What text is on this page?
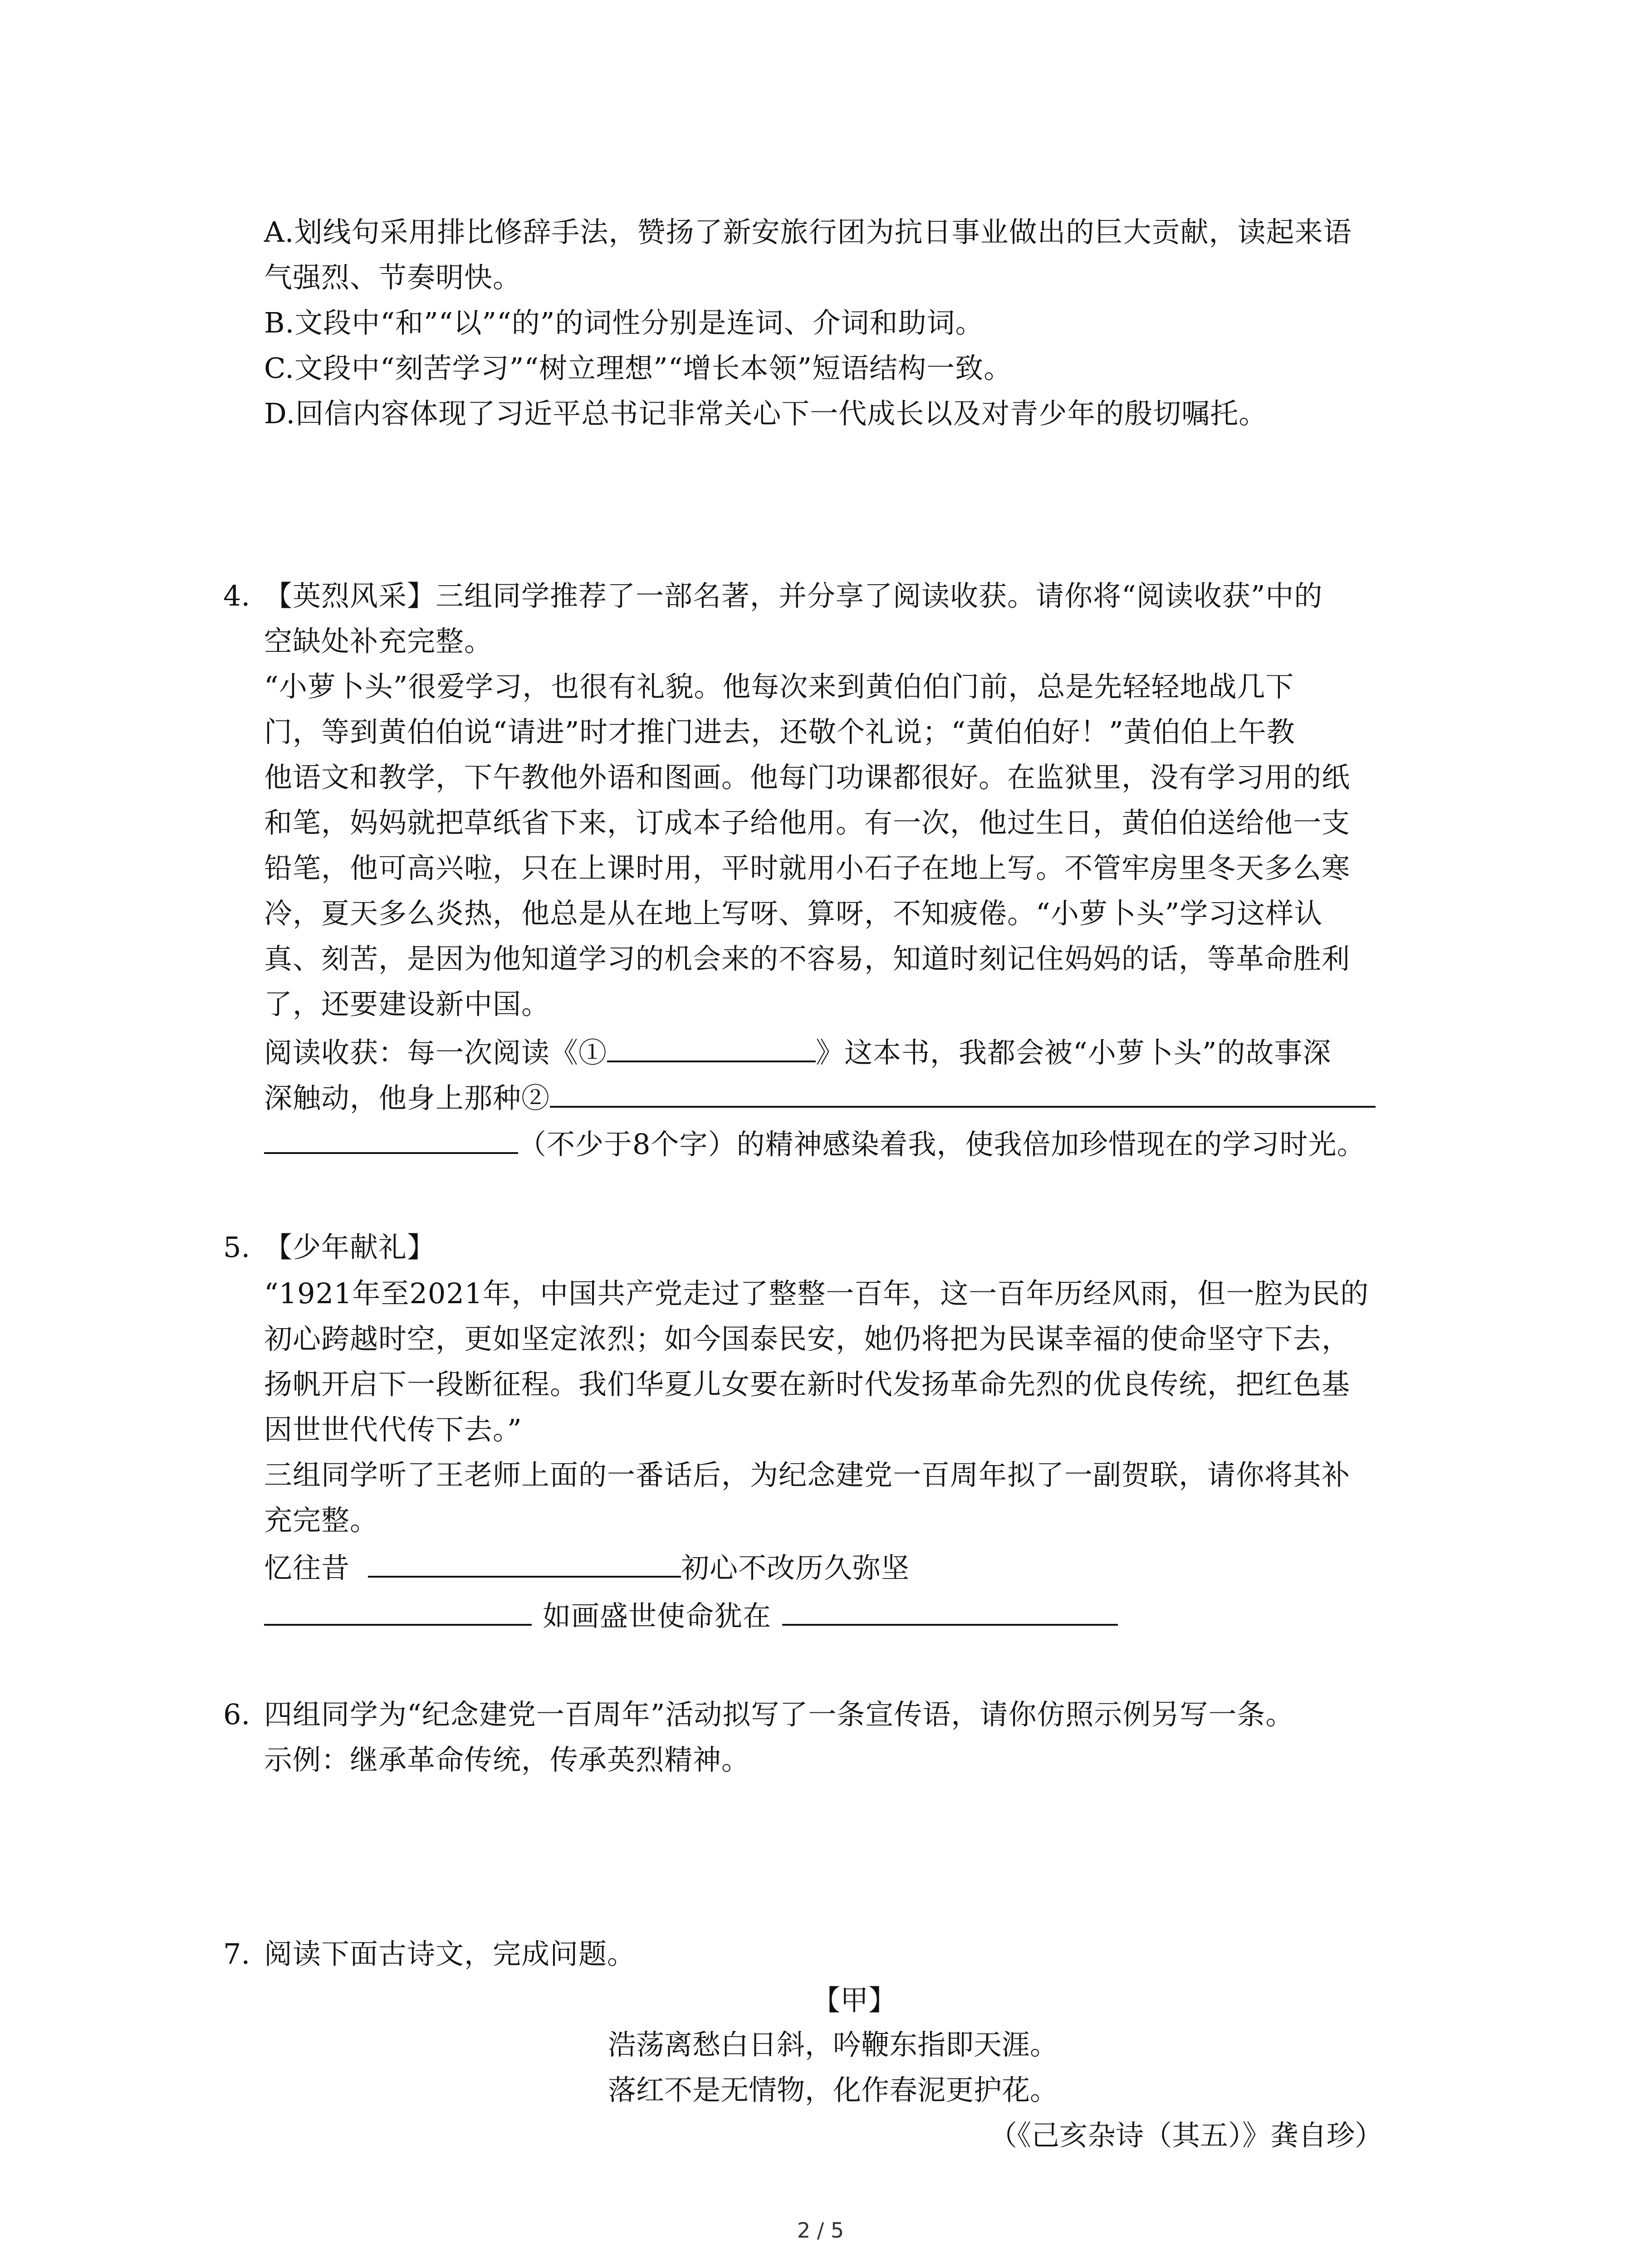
A.划线句采用排比修辞手法，赞扬了新安旅行团为抗日事业做出的巨大贡献，读起来语
气强烈、节奏明快。
B.文段中“和”“以”“的”的词性分别是连词、介词和助词。
C.文段中“刻苦学习”“树立理想”“增长本领”短语结构一致。
D.回信内容体现了习近平总书记非常关心下一代成长以及对青少年的殷切嘱托。
4. 【英烈风采】三组同学推荐了一部名著，并分享了阅读收获。请你将“阅读收获”中的
空缺处补充完整。
“小萝卜头”很爱学习，也很有礼貌。他每次来到黄伯伯门前，总是先轻轻地战几下
门，等到黄伯伯说“请进”时才推门进去，还敬个礼说；“黄伯伯好！”黄伯伯上午教
他语文和教学，下午教他外语和图画。他每门功课都很好。在监狱里，没有学习用的纸
和笔，妈妈就把草纸省下来，订成本子给他用。有一次，他过生日，黄伯伯送给他一支
铅笔，他可高兴啦，只在上课时用，平时就用小石子在地上写。不管牢房里冬天多么寒
冷，夏天多么炎热，他总是从在地上写呀、算呀，不知疲倦。“小萝卜头”学习这样认
真、刻苦，是因为他知道学习的机会来的不容易，知道时刻记住妈妈的话，等革命胜利
了，还要建设新中国。
阅读收获：每一次阅读《①	》这本书，我都会被“小萝卜头”的故事深
深触动，他身上那种②
（不少于8个字）的精神感染着我，使我倍加珍惜现在的学习时光。
5. 【少年献礼】
“1921年至2021年，中国共产党走过了整整一百年，这一百年历经风雨，但一腔为民的
初心跨越时空，更如坚定浓烈；如今国泰民安，她仍将把为民谋幸福的使命坚守下去，
扬帆开启下一段断征程。我们华夏儿女要在新时代发扬革命先烈的优良传统，把红色基
因世世代代传下去。”
三组同学听了王老师上面的一番话后，为纪念建党一百周年拟了一副贺联，请你将其补
充完整。
忆往昔	初心不改历久弥坚
如画盛世使命犹在
6. 四组同学为“纪念建党一百周年”活动拟写了一条宣传语，请你仿照示例另写一条。
示例：继承革命传统，传承英烈精神。
7. 阅读下面古诗文，完成问题。
【甲】
浩荡离愁白日斜，吟鞭东指即天涯。
落红不是无情物，化作春泥更护花。
（《己亥杂诗（其五）》龚自珍）
2 / 5
